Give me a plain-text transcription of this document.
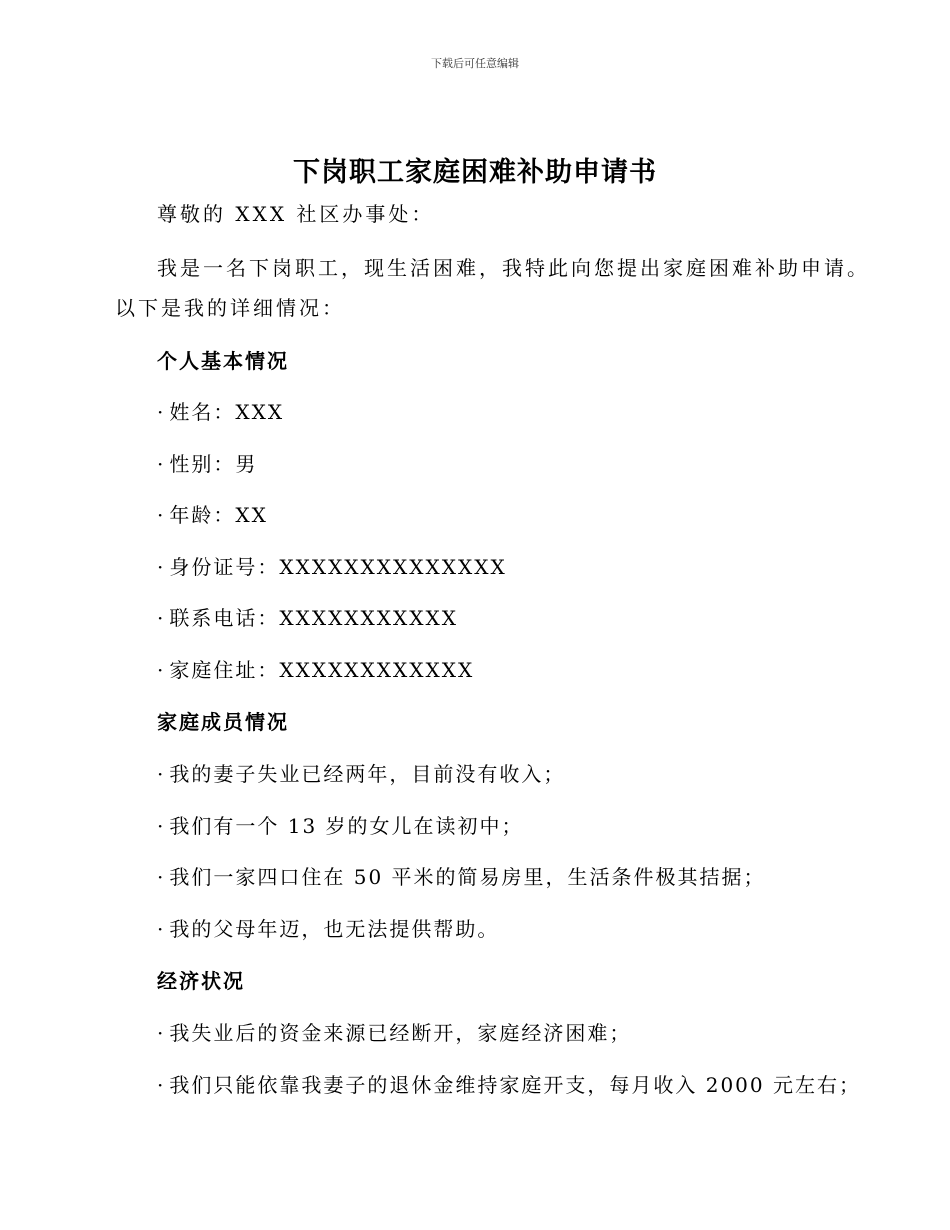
下载后可任意编辑
下岗职工家庭困难补助申请书
尊敬的 XXX 社区办事处：
我是一名下岗职工，现生活困难，我特此向您提出家庭困难补助申请。
以下是我的详细情况：
个人基本情况
· 姓名：XXX
· 性别：男
· 年龄：XX
· 身份证号：XXXXXXXXXXXXXX
· 联系电话：XXXXXXXXXXX
· 家庭住址：XXXXXXXXXXXX
家庭成员情况
· 我的妻子失业已经两年，目前没有收入；
· 我们有一个 13 岁的女儿在读初中；
· 我们一家四口住在 50 平米的简易房里，生活条件极其拮据；
· 我的父母年迈，也无法提供帮助。
经济状况
· 我失业后的资金来源已经断开，家庭经济困难；
· 我们只能依靠我妻子的退休金维持家庭开支，每月收入 2000 元左右；
